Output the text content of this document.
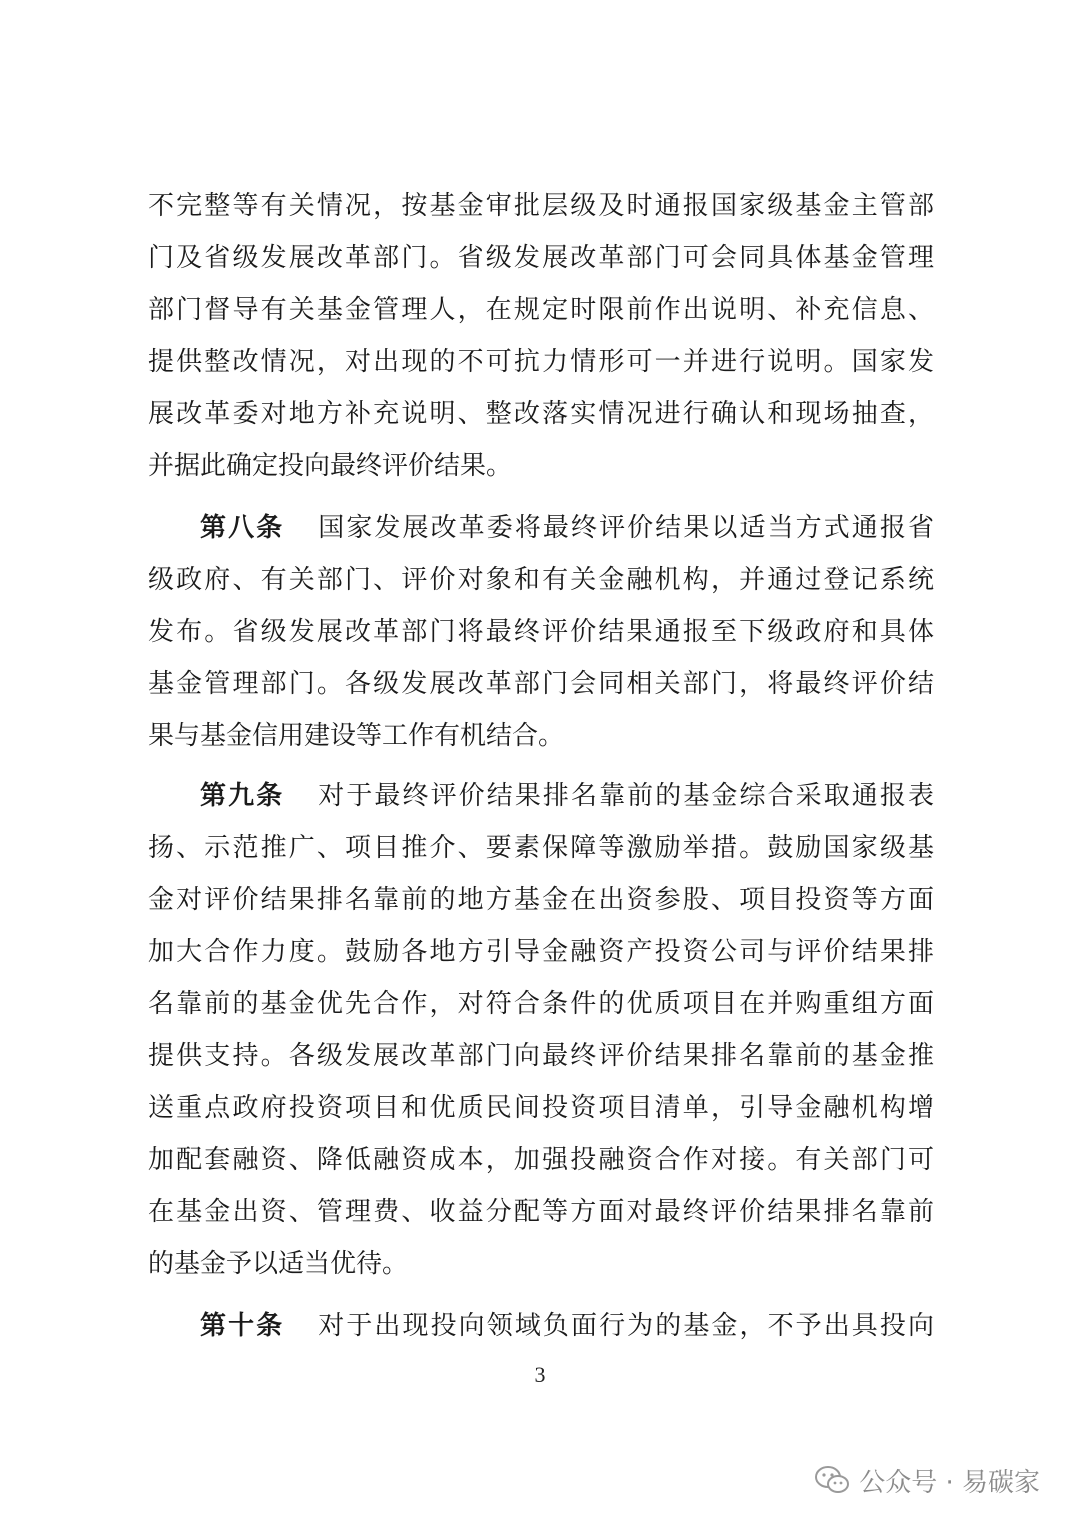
不完整等有关情况，按基金审批层级及时通报国家级基金主管部
门及省级发展改革部门。省级发展改革部门可会同具体基金管理
部门督导有关基金管理人，在规定时限前作出说明、补充信息、
提供整改情况，对出现的不可抗力情形可一并进行说明。国家发
展改革委对地方补充说明、整改落实情况进行确认和现场抽查，
并据此确定投向最终评价结果。
第八条 国家发展改革委将最终评价结果以适当方式通报省
级政府、有关部门、评价对象和有关金融机构，并通过登记系统
发布。省级发展改革部门将最终评价结果通报至下级政府和具体
基金管理部门。各级发展改革部门会同相关部门，将最终评价结
果与基金信用建设等工作有机结合。
第九条 对于最终评价结果排名靠前的基金综合采取通报表
扬、示范推广、项目推介、要素保障等激励举措。鼓励国家级基
金对评价结果排名靠前的地方基金在出资参股、项目投资等方面
加大合作力度。鼓励各地方引导金融资产投资公司与评价结果排
名靠前的基金优先合作，对符合条件的优质项目在并购重组方面
提供支持。各级发展改革部门向最终评价结果排名靠前的基金推
送重点政府投资项目和优质民间投资项目清单，引导金融机构增
加配套融资、降低融资成本，加强投融资合作对接。有关部门可
在基金出资、管理费、收益分配等方面对最终评价结果排名靠前
的基金予以适当优待。
第十条 对于出现投向领域负面行为的基金，不予出具投向
3
公众号 · 易碳家
